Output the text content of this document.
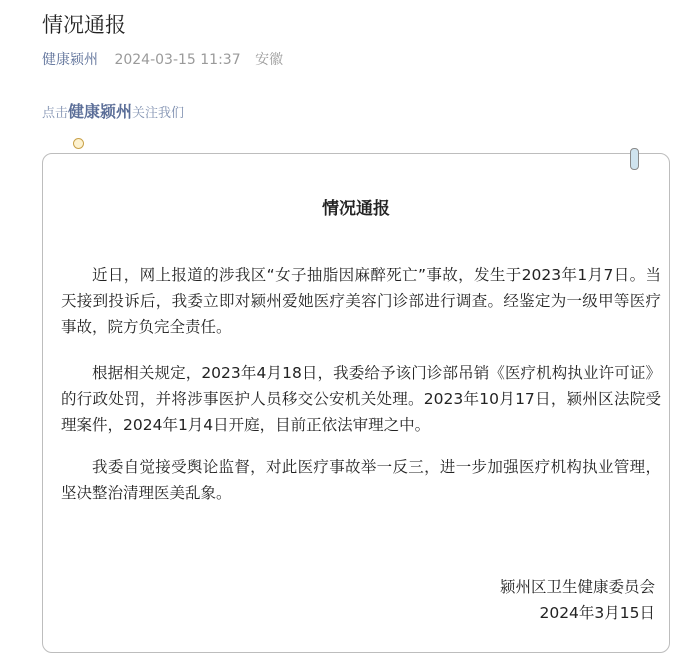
情况通报
健康颍州 2024-03-15 11:37 安徽
点击健康颍州关注我们
情况通报

近日，网上报道的涉我区“女子抽脂因麻醉死亡”事故，发生于2023年1月7日。当天接到投诉后，我委立即对颍州爱她医疗美容门诊部进行调查。经鉴定为一级甲等医疗事故，院方负完全责任。

根据相关规定，2023年4月18日，我委给予该门诊部吊销《医疗机构执业许可证》的行政处罚，并将涉事医护人员移交公安机关处理。2023年10月17日，颍州区法院受理案件，2024年1月4日开庭，目前正依法审理之中。

我委自觉接受舆论监督，对此医疗事故举一反三，进一步加强医疗机构执业管理，坚决整治清理医美乱象。

颍州区卫生健康委员会
2024年3月15日
